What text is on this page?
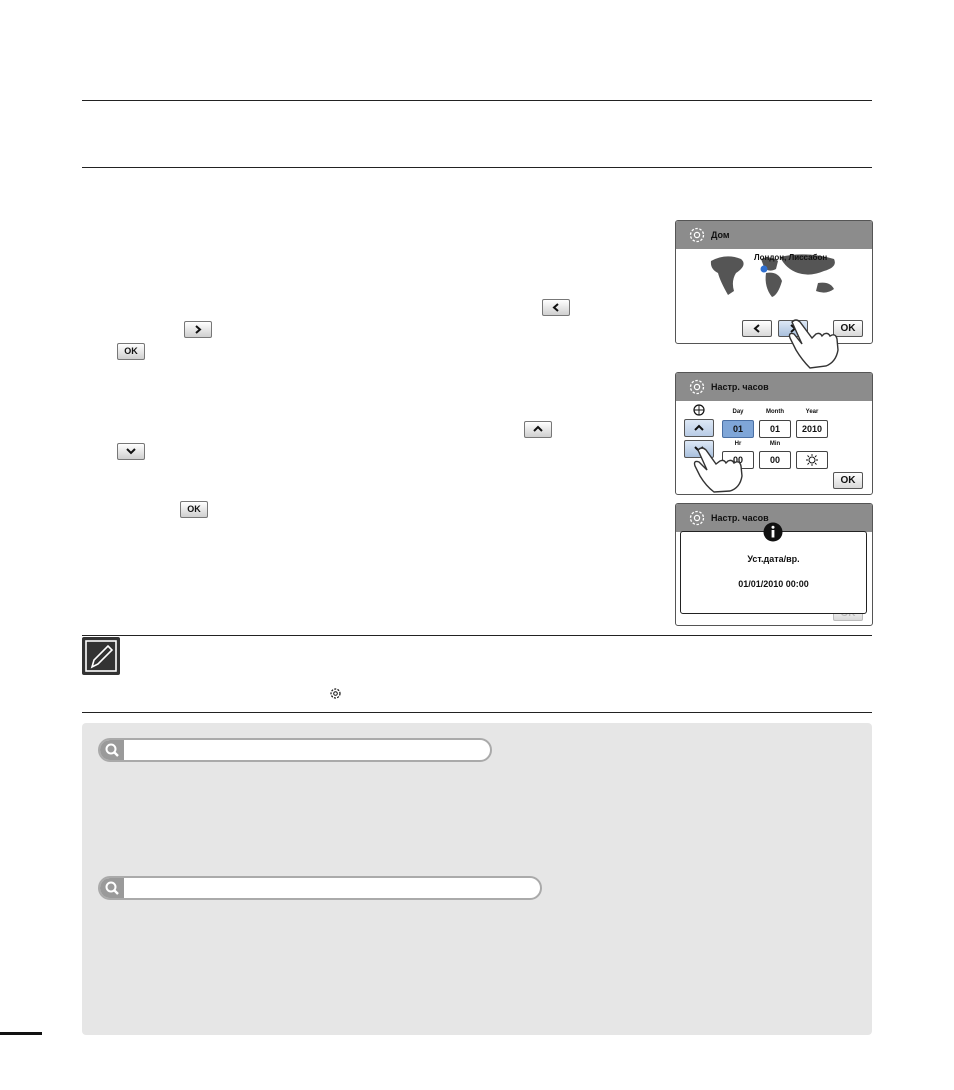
OK
OK
Дом
Лондон, Лиссабон
OK
Настр. часов
Day	Month	Year
01	01	2010
Hr	Min
00	00
OK
Настр. часов
Уст.дата/вр.
01/01/2010 00:00
